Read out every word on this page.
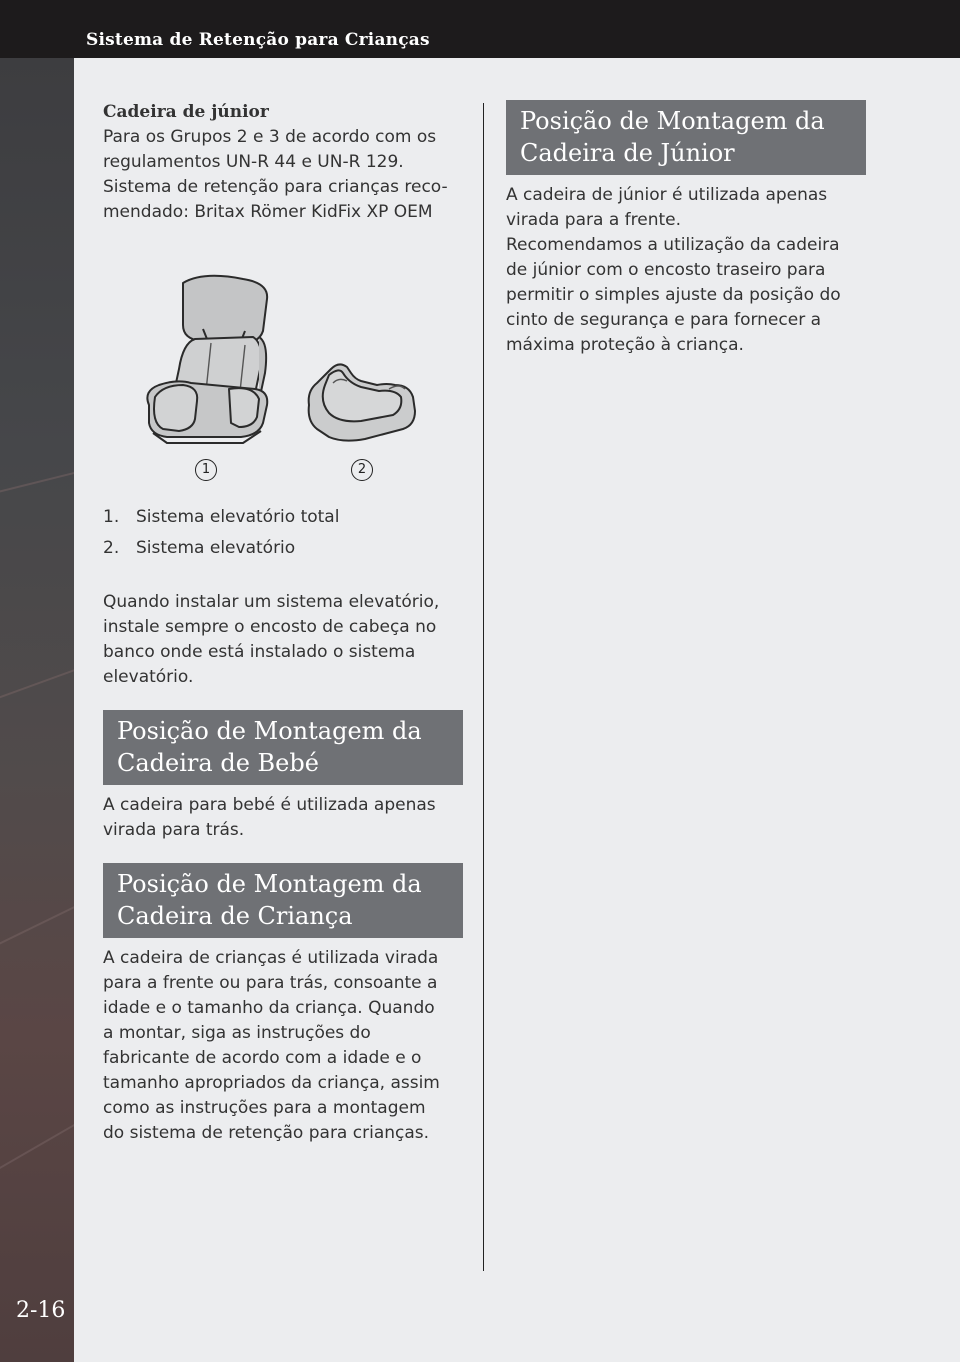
Sistema de Retenção para Crianças
2-16

Cadeira de júnior

Para os Grupos 2 e 3 de acordo com os
regulamentos UN-R 44 e UN-R 129.
Sistema de retenção para crianças reco-
mendado: Britax Römer KidFix XP OEM

1	2
1. Sistema elevatório total
2. Sistema elevatório

Quando instalar um sistema elevatório,
instale sempre o encosto de cabeça no
banco onde está instalado o sistema
elevatório.

Posição de Montagem da
Cadeira de Bebé

A cadeira para bebé é utilizada apenas
virada para trás.

Posição de Montagem da
Cadeira de Criança

A cadeira de crianças é utilizada virada
para a frente ou para trás, consoante a
idade e o tamanho da criança. Quando
a montar, siga as instruções do
fabricante de acordo com a idade e o
tamanho apropriados da criança, assim
como as instruções para a montagem
do sistema de retenção para crianças.

Posição de Montagem da
Cadeira de Júnior

A cadeira de júnior é utilizada apenas
virada para a frente.
Recomendamos a utilização da cadeira
de júnior com o encosto traseiro para
permitir o simples ajuste da posição do
cinto de segurança e para fornecer a
máxima proteção à criança.
